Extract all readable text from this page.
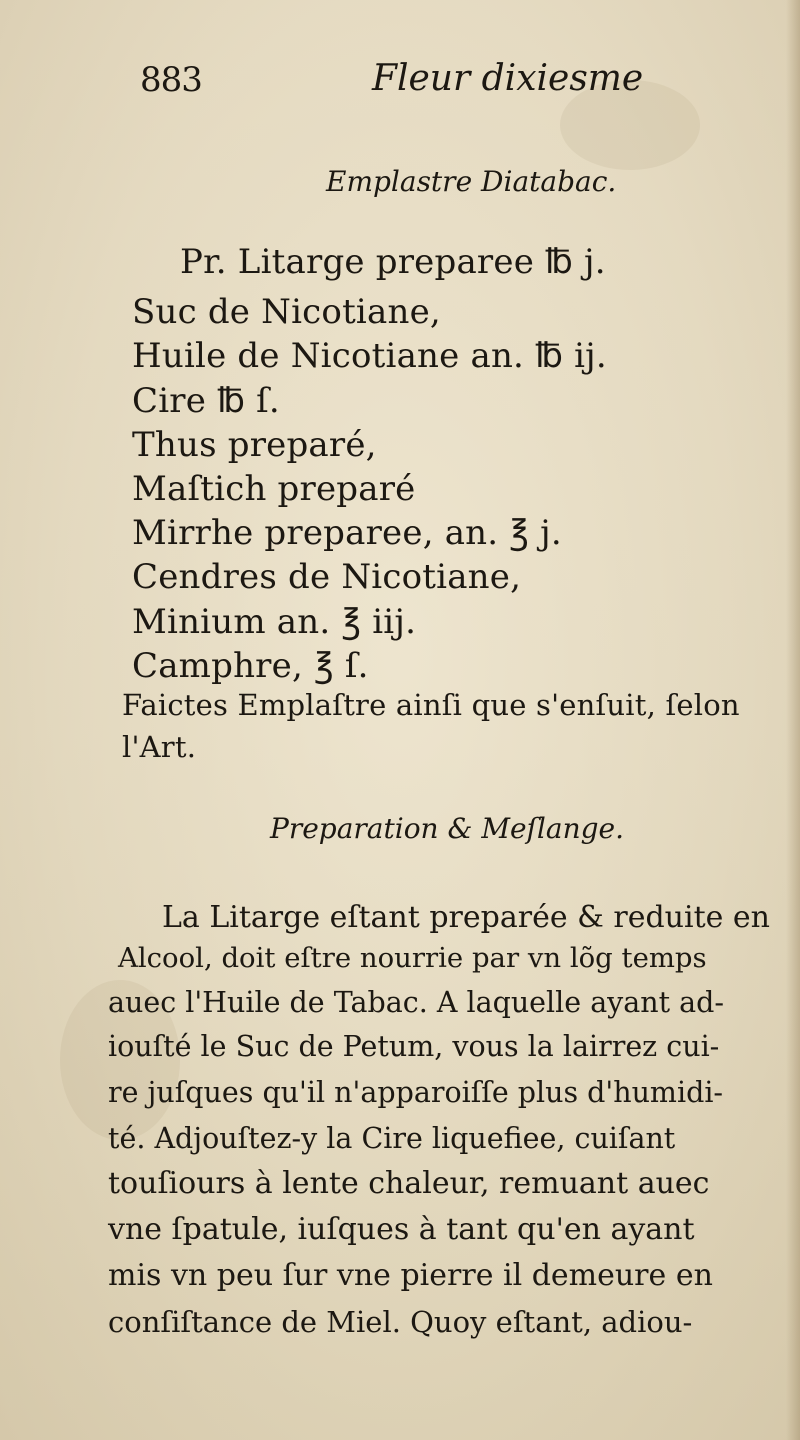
883	Fleur dixiesme
Emplastre Diatabac.
Pr. Litarge preparee ℔ j.
Suc de Nicotiane,
Huile de Nicotiane an. ℔ ij.
Cire ℔ ſ.
Thus preparé,
Maſtich preparé
Mirrhe preparee, an. ℥ j.
Cendres de Nicotiane,
Minium an. ℥ iij.
Camphre, ℥ ſ.
Faictes Emplaſtre ainſi que s'enſuit, ſelon
l'Art.
Preparation & Meſlange.
La Litarge eſtant preparée & reduite en
Alcool, doit eſtre nourrie par vn lõg temps
auec l'Huile de Tabac. A laquelle ayant ad-
iouſté le Suc de Petum, vous la lairrez cui-
re juſques qu'il n'apparoiſſe plus d'humidi-
té. Adjouſtez-y la Cire liquefiee, cuiſant
touſiours à lente chaleur, remuant auec
vne ſpatule, iuſques à tant qu'en ayant
mis vn peu ſur vne pierre il demeure en
conſiſtance de Miel. Quoy eſtant, adiou-
